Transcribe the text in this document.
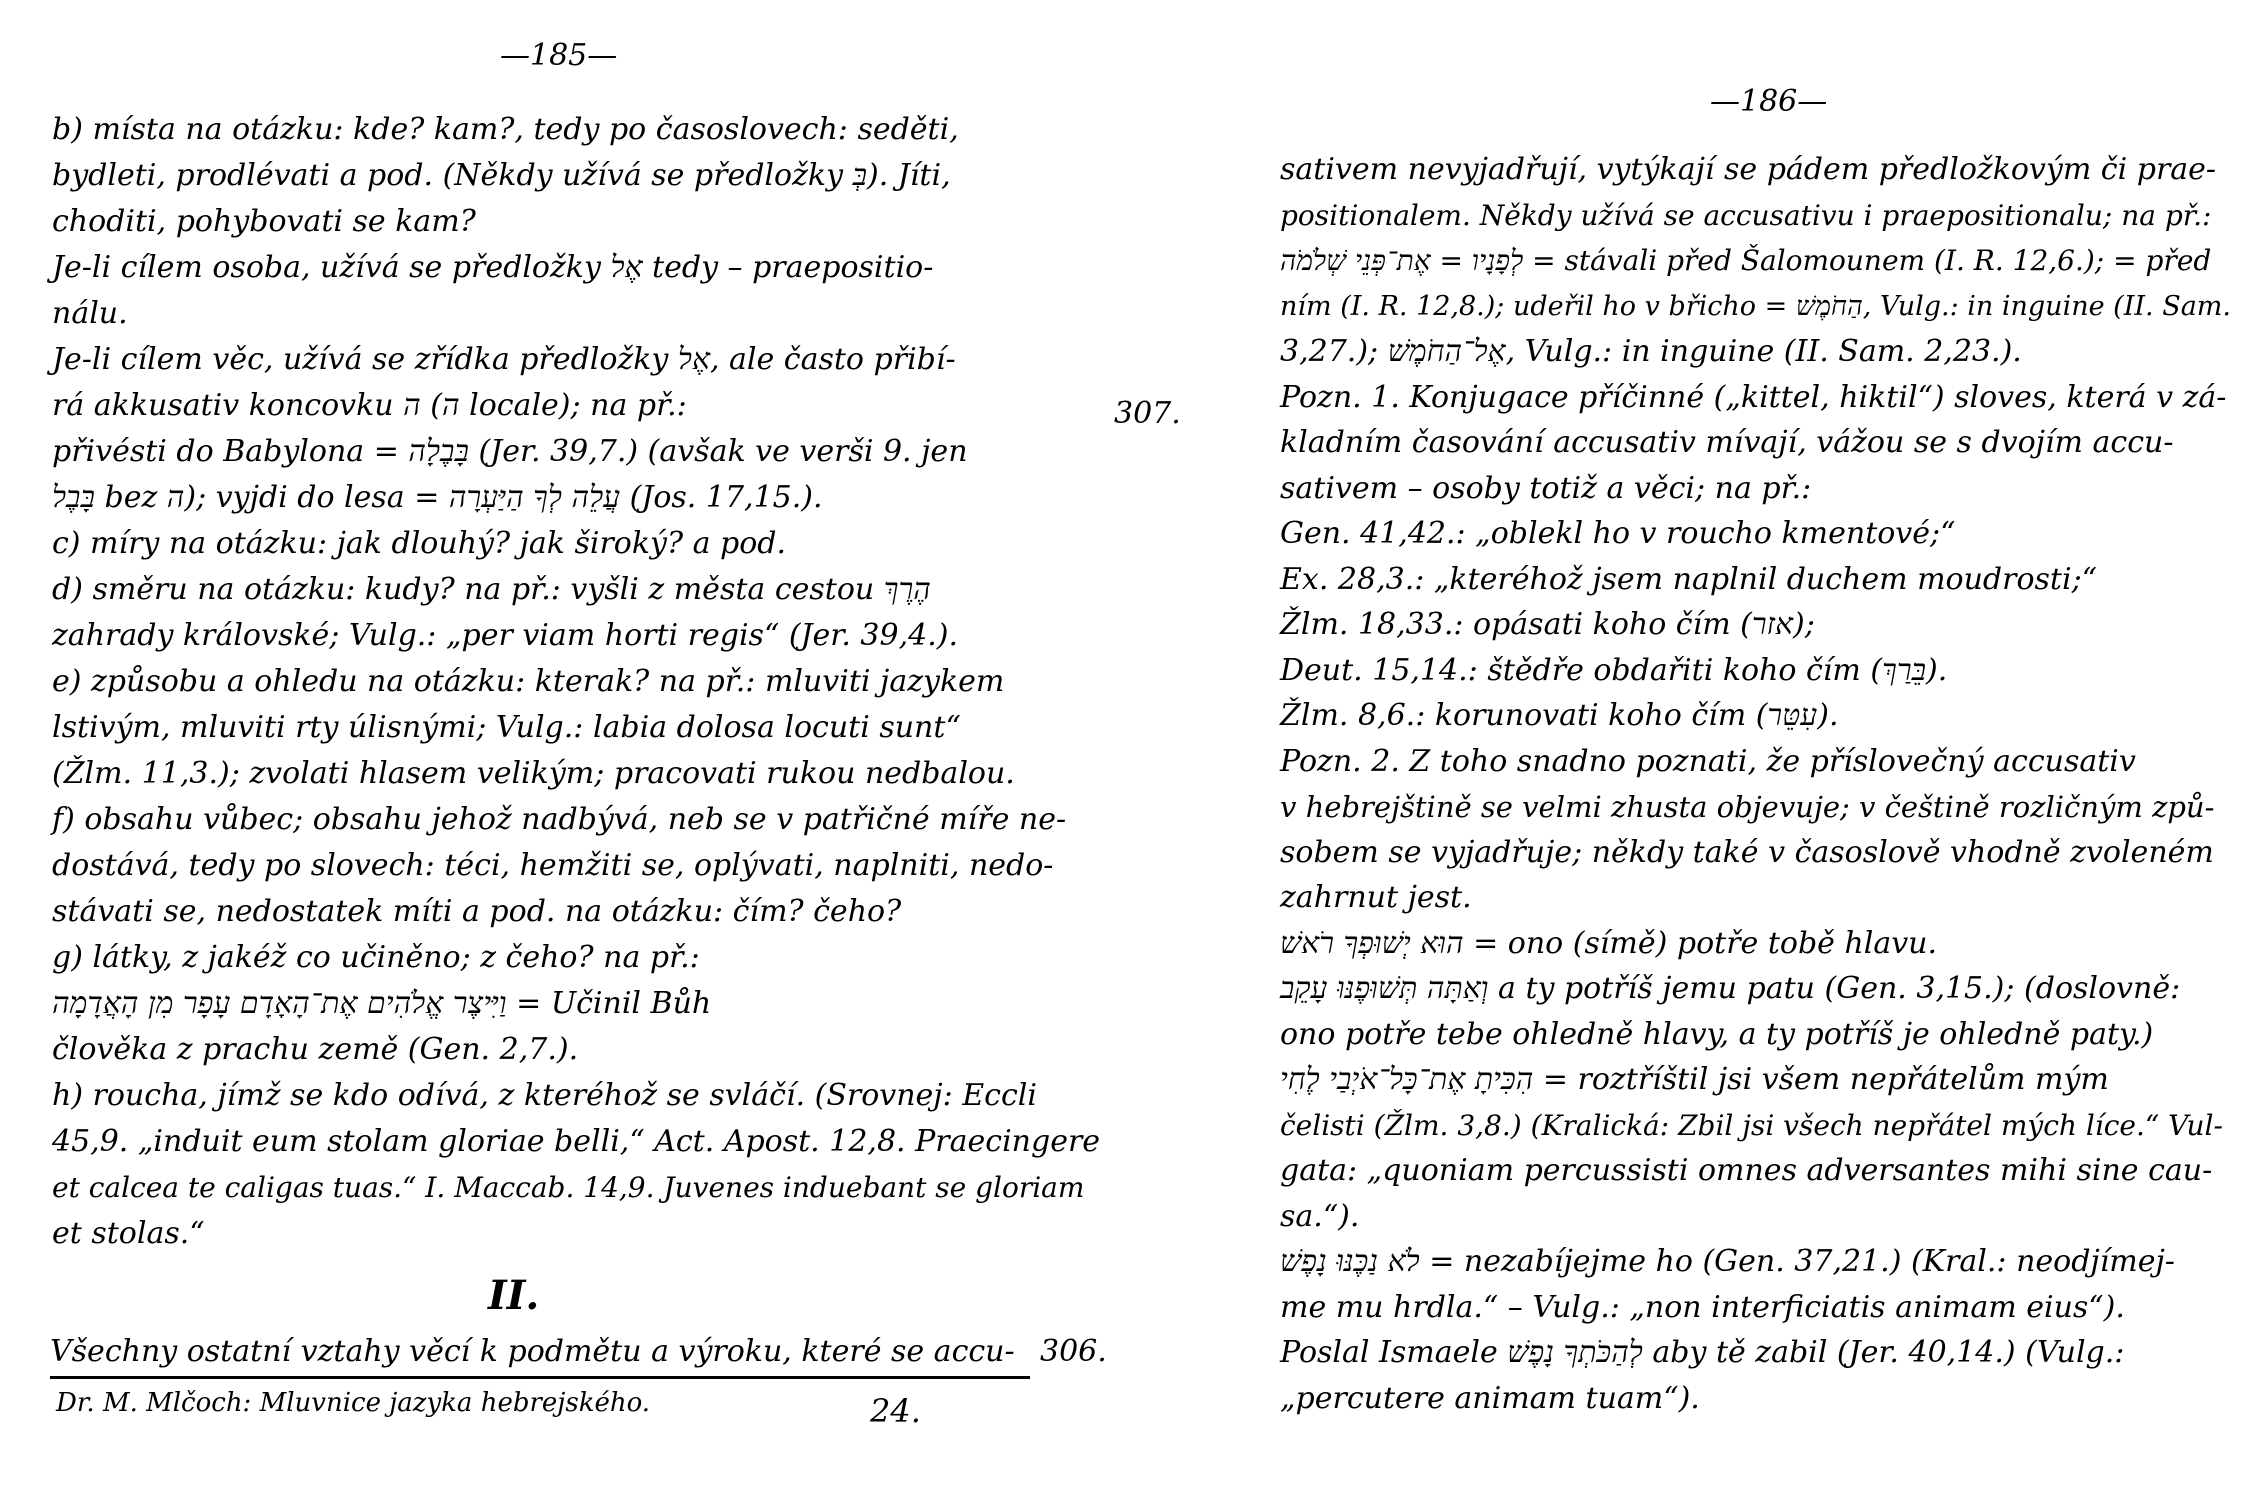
—185—
b) místa na otázku: kde? kam?, tedy po časoslovech: seděti,
bydleti, prodlévati a pod. (Někdy užívá se předložky בְּ). Jíti,
choditi, pohybovati se kam?
Je-li cílem osoba, užívá se předložky אֶל tedy – praepositio-
nálu.
Je-li cílem věc, užívá se zřídka předložky אֶל, ale často přibí-
rá akkusativ koncovku ה (ה locale); na př.:
přivésti do Babylona = בָּבֶלָה (Jer. 39,7.) (avšak ve verši 9. jen
בָּבֶל bez ה); vyjdi do lesa = עֲלֵה לְךָ הַיַּעְרָה (Jos. 17,15.).
c) míry na otázku: jak dlouhý? jak široký? a pod.
d) směru na otázku: kudy? na př.: vyšli z města cestou הֶרֶךְ
zahrady královské; Vulg.: „per viam horti regis“ (Jer. 39,4.).
e) způsobu a ohledu na otázku: kterak? na př.: mluviti jazykem
lstivým, mluviti rty úlisnými; Vulg.: labia dolosa locuti sunt“
(Žlm. 11,3.); zvolati hlasem velikým; pracovati rukou nedbalou.
f) obsahu vůbec; obsahu jehož nadbývá, neb se v patřičné míře ne-
dostává, tedy po slovech: téci, hemžiti se, oplývati, naplniti, nedo-
stávati se, nedostatek míti a pod. na otázku: čím? čeho?
g) látky, z jakéž co učiněno; z čeho? na př.:
וַיִּיצֶר אֱלֹהִים אֶת־הָאָדָם עָפָר מִן הָאֲדָמָה = Učinil Bůh
člověka z prachu země (Gen. 2,7.).
h) roucha, jímž se kdo odívá, z kteréhož se svláčí. (Srovnej: Eccli
45,9. „induit eum stolam gloriae belli,“ Act. Apost. 12,8. Praecingere
et calcea te caligas tuas.“ I. Maccab. 14,9. Juvenes induebant se gloriam
et stolas.“
II.
Všechny ostatní vztahy věcí k podmětu a výroku, které se accu- 306.
Dr. M. Mlčoch: Mluvnice jazyka hebrejského.	24.
—186—
307.
sativem nevyjadřují, vytýkají se pádem předložkovým či prae-
positionalem. Někdy užívá se accusativu i praepositionalu; na př.:
לְפָנָיו = אֶת־פְּנֵי שְׁלֹמֹה = stávali před Šalomounem (I. R. 12,6.); = před
ním (I. R. 12,8.); udeřil ho v břicho = הַחֹמֶשׁ, Vulg.: in inguine (II. Sam.
3,27.); אֶל־הַחֹמֶשׁ, Vulg.: in inguine (II. Sam. 2,23.).
Pozn. 1. Konjugace příčinné („kittel, hiktil“) sloves, která v zá-
kladním časování accusativ mívají, vážou se s dvojím accu-
sativem – osoby totiž a věci; na př.:
Gen. 41,42.: „oblekl ho v roucho kmentové;“
Ex. 28,3.: „kteréhož jsem naplnil duchem moudrosti;“
Žlm. 18,33.: opásati koho čím (אזר);
Deut. 15,14.: štědře obdařiti koho čím (בֵּרַךְ).
Žlm. 8,6.: korunovati koho čím (עִטֵּר).
Pozn. 2. Z toho snadno poznati, že příslovečný accusativ
v hebrejštině se velmi zhusta objevuje; v češtině rozličným způ-
sobem se vyjadřuje; někdy také v časoslově vhodně zvoleném
zahrnut jest.
הוּא יְשׁוּפְךָ רֹאשׁ = ono (símě) potře tobě hlavu.
וְאַתָּה תְּשׁוּפֶנּוּ עָקֵב a ty potříš jemu patu (Gen. 3,15.); (doslovně:
ono potře tebe ohledně hlavy, a ty potříš je ohledně paty.)
הִכִּיתָ אֶת־כָּל־אֹיְבַי לֶחִי = roztříštil jsi všem nepřátelům mým
čelisti (Žlm. 3,8.) (Kralická: Zbil jsi všech nepřátel mých líce.“ Vul-
gata: „quoniam percussisti omnes adversantes mihi sine cau-
sa.“).
לֹא נַכֶּנּוּ נָפֶשׁ = nezabíjejme ho (Gen. 37,21.) (Kral.: neodjímej-
me mu hrdla.“ – Vulg.: „non interficiatis animam eius“).
Poslal Ismaele לְהַכֹּתְךָ נָפֶשׁ aby tě zabil (Jer. 40,14.) (Vulg.:
„percutere animam tuam“).
